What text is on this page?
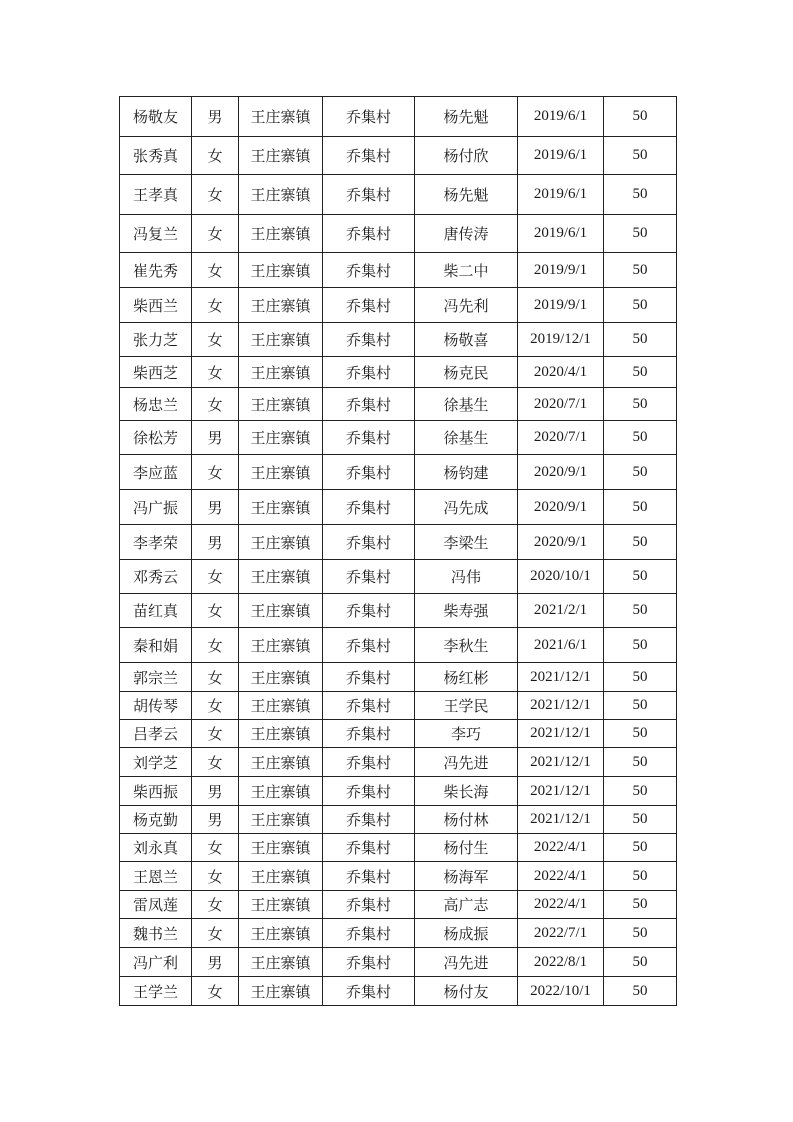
杨敬友	男	王庄寨镇	乔集村	杨先魁	2019/6/1	50
张秀真	女	王庄寨镇	乔集村	杨付欣	2019/6/1	50
王孝真	女	王庄寨镇	乔集村	杨先魁	2019/6/1	50
冯复兰	女	王庄寨镇	乔集村	唐传涛	2019/6/1	50
崔先秀	女	王庄寨镇	乔集村	柴二中	2019/9/1	50
柴西兰	女	王庄寨镇	乔集村	冯先利	2019/9/1	50
张力芝	女	王庄寨镇	乔集村	杨敬喜	2019/12/1	50
柴西芝	女	王庄寨镇	乔集村	杨克民	2020/4/1	50
杨忠兰	女	王庄寨镇	乔集村	徐基生	2020/7/1	50
徐松芳	男	王庄寨镇	乔集村	徐基生	2020/7/1	50
李应蓝	女	王庄寨镇	乔集村	杨钧建	2020/9/1	50
冯广振	男	王庄寨镇	乔集村	冯先成	2020/9/1	50
李孝荣	男	王庄寨镇	乔集村	李梁生	2020/9/1	50
邓秀云	女	王庄寨镇	乔集村	冯伟	2020/10/1	50
苗红真	女	王庄寨镇	乔集村	柴寿强	2021/2/1	50
秦和娟	女	王庄寨镇	乔集村	李秋生	2021/6/1	50
郭宗兰	女	王庄寨镇	乔集村	杨红彬	2021/12/1	50
胡传琴	女	王庄寨镇	乔集村	王学民	2021/12/1	50
吕孝云	女	王庄寨镇	乔集村	李巧	2021/12/1	50
刘学芝	女	王庄寨镇	乔集村	冯先进	2021/12/1	50
柴西振	男	王庄寨镇	乔集村	柴长海	2021/12/1	50
杨克勤	男	王庄寨镇	乔集村	杨付林	2021/12/1	50
刘永真	女	王庄寨镇	乔集村	杨付生	2022/4/1	50
王恩兰	女	王庄寨镇	乔集村	杨海军	2022/4/1	50
雷凤莲	女	王庄寨镇	乔集村	高广志	2022/4/1	50
魏书兰	女	王庄寨镇	乔集村	杨成振	2022/7/1	50
冯广利	男	王庄寨镇	乔集村	冯先进	2022/8/1	50
王学兰	女	王庄寨镇	乔集村	杨付友	2022/10/1	50
